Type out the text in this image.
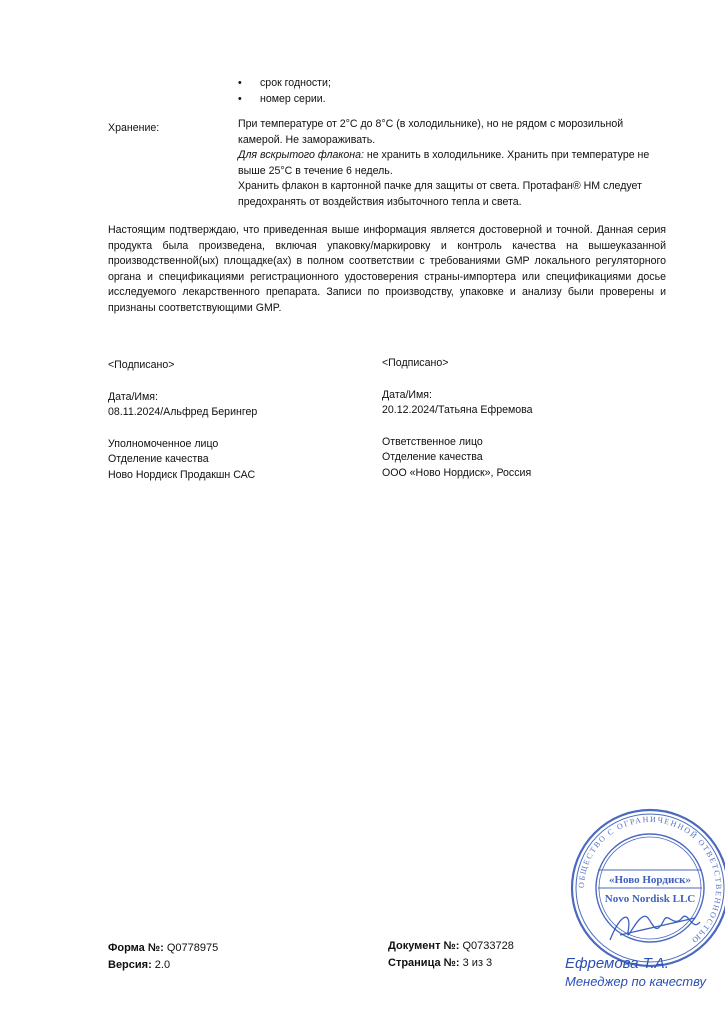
• срок годности;
• номер серии.
Хранение:	При температуре от 2°C до 8°C (в холодильнике), но не рядом с морозильной камерой. Не замораживать.

Для вскрытого флакона: не хранить в холодильнике. Хранить при температуре не выше 25°C в течение 6 недель.

Хранить флакон в картонной пачке для защиты от света. Протафан® НМ следует предохранять от воздействия избыточного тепла и света.

Настоящим подтверждаю, что приведенная выше информация является достоверной и точной. Данная серия продукта была произведена, включая упаковку/маркировку и контроль качества на вышеуказанной производственной(ых) площадке(ах) в полном соответствии с требованиями GMP локального регуляторного органа и спецификациями регистрационного удостоверения страны-импортера или спецификациями досье исследуемого лекарственного препарата. Записи по производству, упаковке и анализу были проверены и признаны соответствующими GMP.

<Подписано>

Дата/Имя:

08.11.2024/Альфред Берингер

Уполномоченное лицо

Отделение качества

Ново Нордиск Продакшн САС

<Подписано>

Дата/Имя:

20.12.2024/Татьяна Ефремова

Ответственное лицо

Отделение качества

ООО «Ново Нордиск», Россия

Форма №: Q0778975
Версия: 2.0
Документ №: Q0733728
Страница №: 3 из 3
ОБЩЕСТВО С ОГРАНИЧЕННОЙ ОТВЕТСТВЕННОСТЬЮ
«Ново Нордиск»
Novo Nordisk LLC
Ефремова Т.А.
Менеджер по качеству
